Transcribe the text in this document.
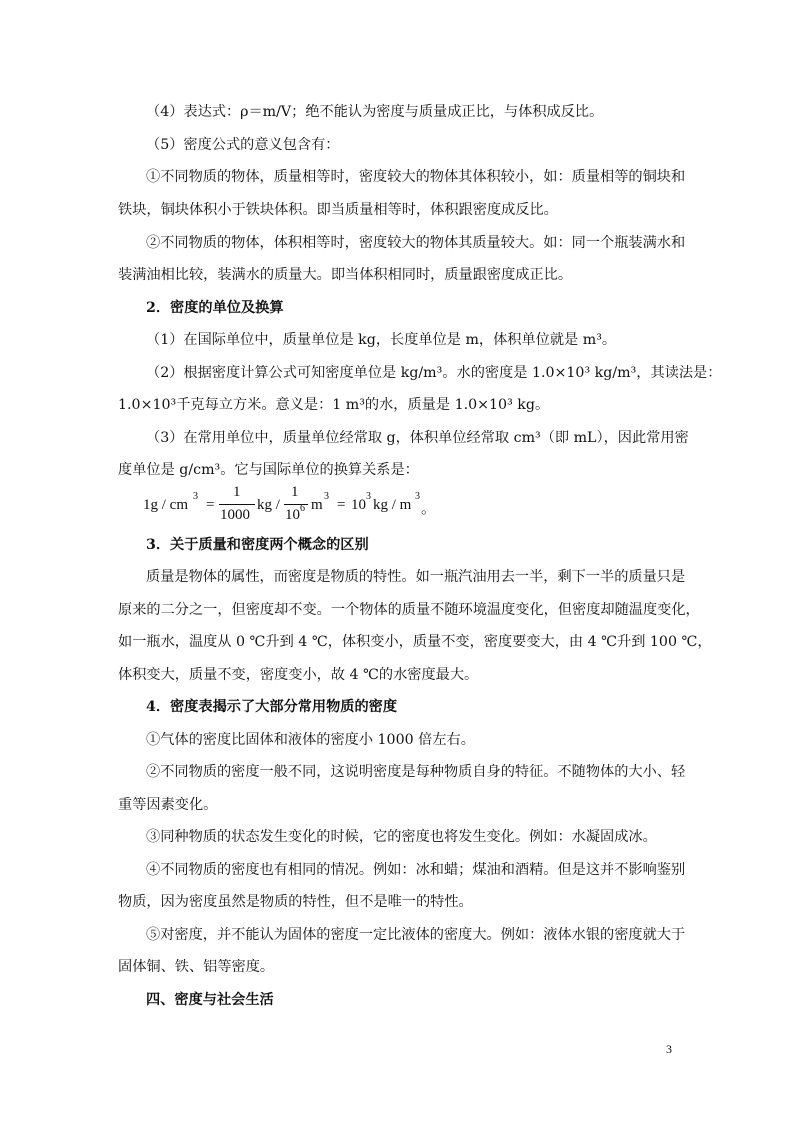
（4）表达式：ρ＝m/V；绝不能认为密度与质量成正比，与体积成反比。
（5）密度公式的意义包含有：
①不同物质的物体，质量相等时，密度较大的物体其体积较小，如：质量相等的铜块和
铁块，铜块体积小于铁块体积。即当质量相等时，体积跟密度成反比。
②不同物质的物体，体积相等时，密度较大的物体其质量较大。如：同一个瓶装满水和
装满油相比较，装满水的质量大。即当体积相同时，质量跟密度成正比。
2．密度的单位及换算
（1）在国际单位中，质量单位是 kg，长度单位是 m，体积单位就是 m³。
（2）根据密度计算公式可知密度单位是 kg/m³。水的密度是 1.0×10³ kg/m³，其读法是：
1.0×10³千克每立方米。意义是：1 m³的水，质量是 1.0×10³ kg。
（3）在常用单位中，质量单位经常取 g，体积单位经常取 cm³（即 mL），因此常用密
度单位是 g/cm³。它与国际单位的换算关系是：
3．关于质量和密度两个概念的区别
质量是物体的属性，而密度是物质的特性。如一瓶汽油用去一半，剩下一半的质量只是
原来的二分之一，但密度却不变。一个物体的质量不随环境温度变化，但密度却随温度变化，
如一瓶水，温度从 0 ℃升到 4 ℃，体积变小，质量不变，密度要变大，由 4 ℃升到 100 ℃，
体积变大，质量不变，密度变小，故 4 ℃的水密度最大。
4．密度表揭示了大部分常用物质的密度
①气体的密度比固体和液体的密度小 1000 倍左右。
②不同物质的密度一般不同，这说明密度是每种物质自身的特征。不随物体的大小、轻
重等因素变化。
③同种物质的状态发生变化的时候，它的密度也将发生变化。例如：水凝固成冰。
④不同物质的密度也有相同的情况。例如：冰和蜡；煤油和酒精。但是这并不影响鉴别
物质，因为密度虽然是物质的特性，但不是唯一的特性。
⑤对密度，并不能认为固体的密度一定比液体的密度大。例如：液体水银的密度就大于
固体铜、铁、铝等密度。
四、密度与社会生活
1g / cm
3
=
1
1000
kg /
1
10 6 m
3
= 10
3
kg / m
3
。
3
